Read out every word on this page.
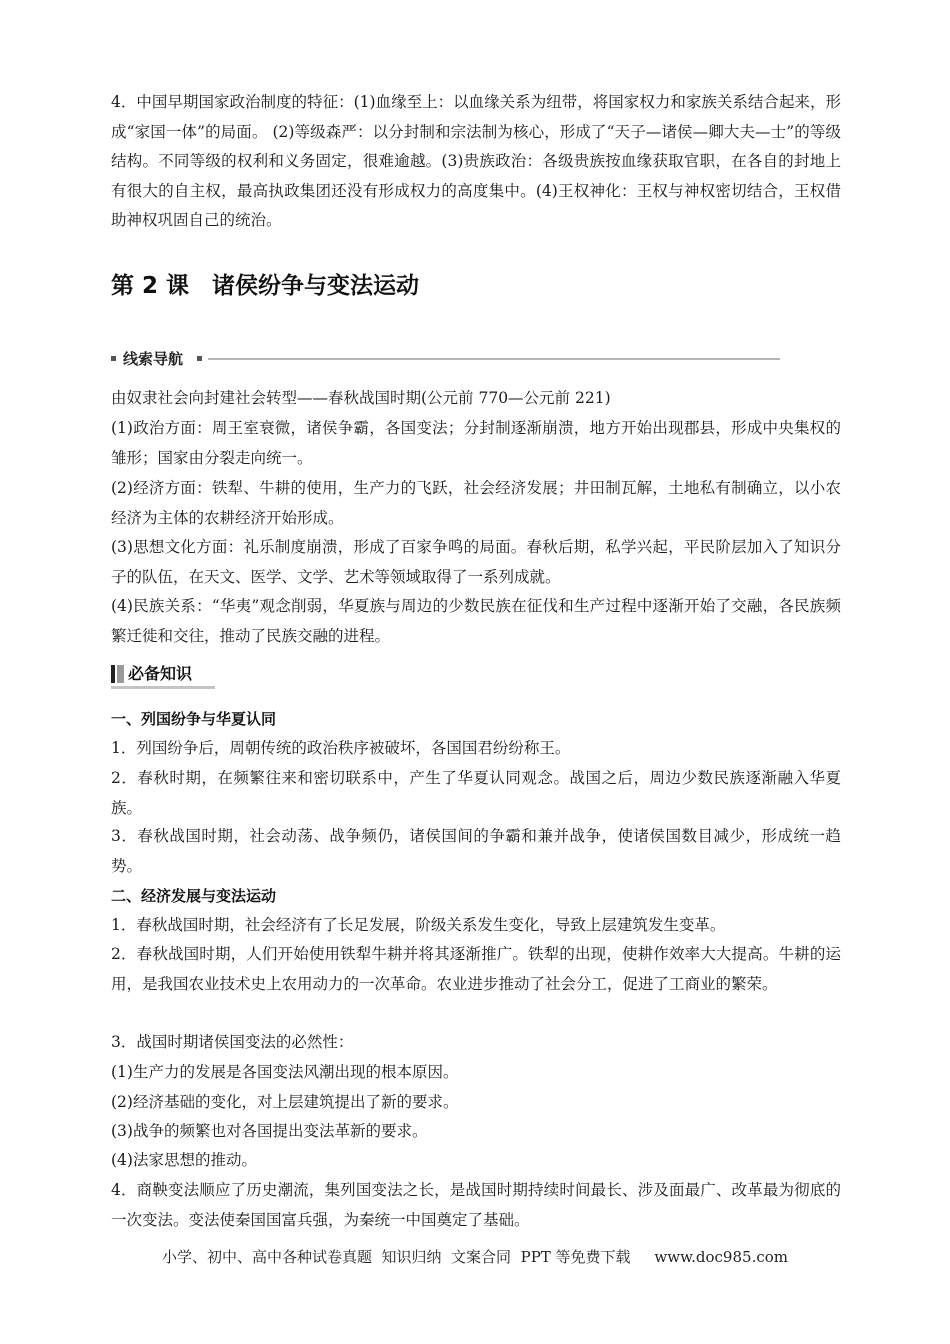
4．中国早期国家政治制度的特征：(1)血缘至上：以血缘关系为纽带，将国家权力和家族关系结合起来，形成“家国一体”的局面。 (2)等级森严：以分封制和宗法制为核心，形成了“天子—诸侯—卿大夫—士”的等级结构。不同等级的权利和义务固定，很难逾越。(3)贵族政治：各级贵族按血缘获取官职，在各自的封地上有很大的自主权，最高执政集团还没有形成权力的高度集中。(4)王权神化：王权与神权密切结合，王权借助神权巩固自己的统治。

第 2 课　诸侯纷争与变法运动
线索导航

由奴隶社会向封建社会转型——春秋战国时期(公元前 770—公元前 221)

(1)政治方面：周王室衰微，诸侯争霸，各国变法；分封制逐渐崩溃，地方开始出现郡县，形成中央集权的雏形；国家由分裂走向统一。

(2)经济方面：铁犁、牛耕的使用，生产力的飞跃，社会经济发展；井田制瓦解，土地私有制确立，以小农经济为主体的农耕经济开始形成。

(3)思想文化方面：礼乐制度崩溃，形成了百家争鸣的局面。春秋后期，私学兴起，平民阶层加入了知识分子的队伍，在天文、医学、文学、艺术等领域取得了一系列成就。

(4)民族关系：“华夷”观念削弱，华夏族与周边的少数民族在征伐和生产过程中逐渐开始了交融，各民族频繁迁徙和交往，推动了民族交融的进程。

必备知识
一、列国纷争与华夏认同

1．列国纷争后，周朝传统的政治秩序被破坏，各国国君纷纷称王。

2．春秋时期，在频繁往来和密切联系中，产生了华夏认同观念。战国之后，周边少数民族逐渐融入华夏族。

3．春秋战国时期，社会动荡、战争频仍，诸侯国间的争霸和兼并战争，使诸侯国数目减少，形成统一趋势。

二、经济发展与变法运动

1．春秋战国时期，社会经济有了长足发展，阶级关系发生变化，导致上层建筑发生变革。

2．春秋战国时期，人们开始使用铁犁牛耕并将其逐渐推广。铁犁的出现，使耕作效率大大提高。牛耕的运用，是我国农业技术史上农用动力的一次革命。农业进步推动了社会分工，促进了工商业的繁荣。

3．战国时期诸侯国变法的必然性：

(1)生产力的发展是各国变法风潮出现的根本原因。

(2)经济基础的变化，对上层建筑提出了新的要求。

(3)战争的频繁也对各国提出变法革新的要求。

(4)法家思想的推动。

4．商鞅变法顺应了历史潮流，集列国变法之长，是战国时期持续时间最长、涉及面最广、改革最为彻底的一次变法。变法使秦国国富兵强，为秦统一中国奠定了基础。

小学、初中、高中各种试卷真题  知识归纳  文案合同  PPT 等免费下载     www.doc985.com
